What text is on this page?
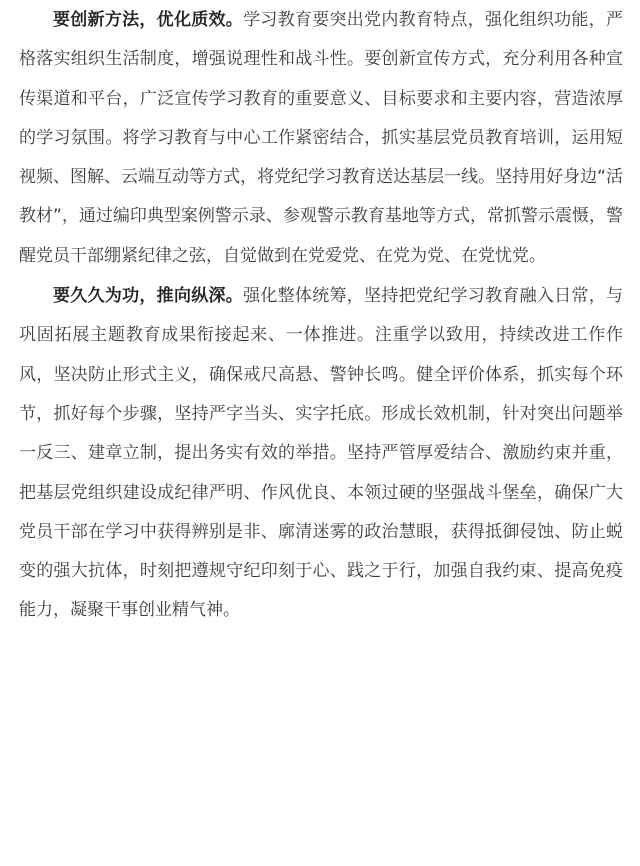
要创新方法，优化质效。学习教育要突出党内教育特点，强化组织功能，严格落实组织生活制度，增强说理性和战斗性。要创新宣传方式，充分利用各种宣传渠道和平台，广泛宣传学习教育的重要意义、目标要求和主要内容，营造浓厚的学习氛围。将学习教育与中心工作紧密结合，抓实基层党员教育培训，运用短视频、图解、云端互动等方式，将党纪学习教育送达基层一线。坚持用好身边“活教材”，通过编印典型案例警示录、参观警示教育基地等方式，常抓警示震慑，警醒党员干部绷紧纪律之弦，自觉做到在党爱党、在党为党、在党忧党。

要久久为功，推向纵深。强化整体统筹，坚持把党纪学习教育融入日常，与巩固拓展主题教育成果衔接起来、一体推进。注重学以致用，持续改进工作作风，坚决防止形式主义，确保戒尺高悬、警钟长鸣。健全评价体系，抓实每个环节，抓好每个步骤，坚持严字当头、实字托底。形成长效机制，针对突出问题举一反三、建章立制，提出务实有效的举措。坚持严管厚爱结合、激励约束并重，把基层党组织建设成纪律严明、作风优良、本领过硬的坚强战斗堡垒，确保广大党员干部在学习中获得辨别是非、廓清迷雾的政治慧眼，获得抵御侵蚀、防止蜕变的强大抗体，时刻把遵规守纪印刻于心、践之于行，加强自我约束、提高免疫能力，凝聚干事创业精气神。
